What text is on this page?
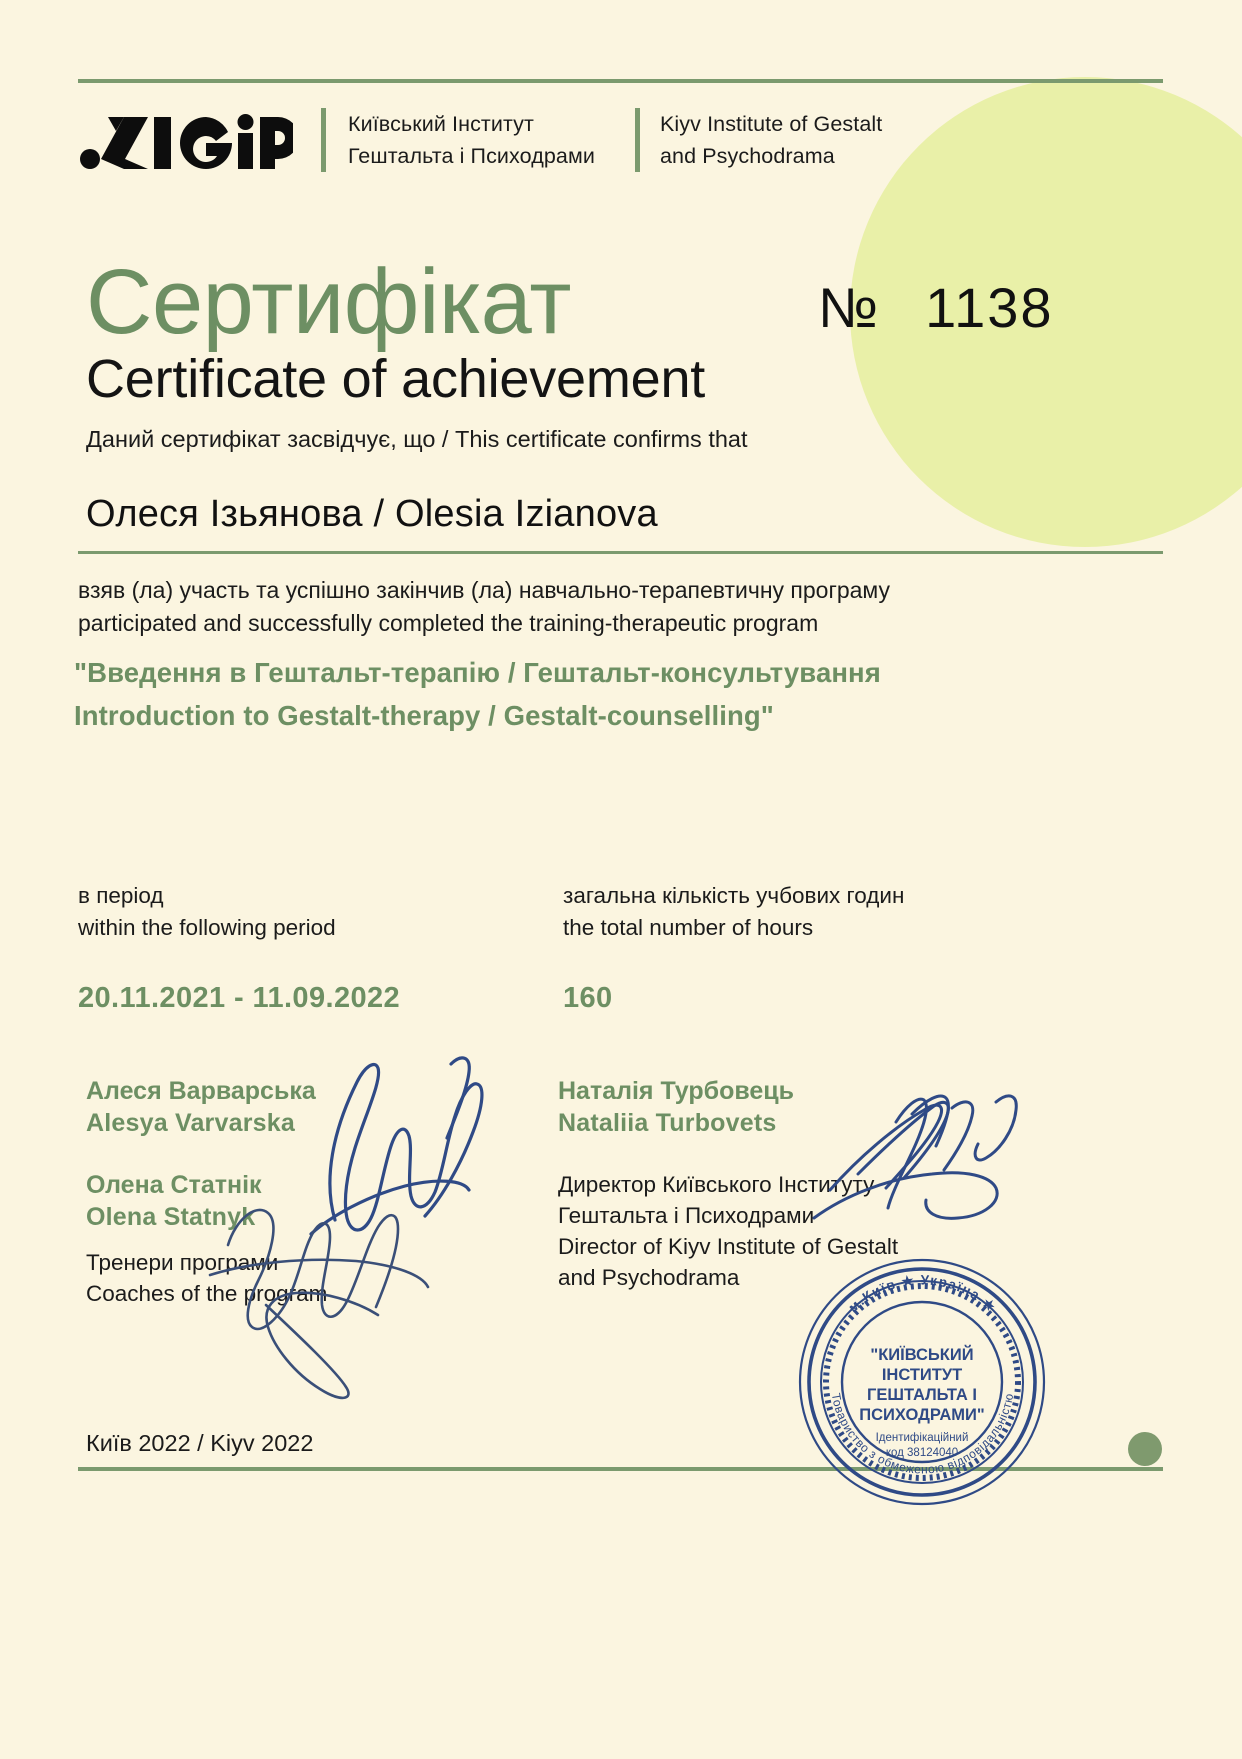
Київський Інститут
Гештальта і Психодрами
Kiyv Institute of Gestalt
and Psychodrama
Сертифікат	№ 1138
Certificate of achievement
Даний сертифікат засвідчує, що / This certificate confirms that
Олеся Ізьянова / Olesia Izianova
взяв (ла) участь та успішно закінчив (ла) навчально-терапевтичну програму
participated and successfully completed the training-therapeutic program
"Введення в Гештальт-терапію / Гештальт-консультування
Introduction to Gestalt-therapy / Gestalt-counselling"
в період
within the following period
20.11.2021 - 11.09.2022
загальна кількість учбових годин
the total number of hours
160
Алеся Варварська
Alesya Varvarska
Олена Статнік
Olena Statnyk
Тренери програми
Coaches of the program
Наталія Турбовець
Nataliia Turbovets
Директор Київського Інституту
Гештальта і Психодрами
Director of Kiyv Institute of Gestalt
and Psychodrama
м.Київ ★ Україна ★
Товариство з обмеженою відповідальністю
"КИЇВСЬКИЙ
ІНСТИТУТ
ГЕШТАЛЬТА І
ПСИХОДРАМИ"
Ідентифікаційний
код 38124040
Київ 2022 / Kiyv 2022
